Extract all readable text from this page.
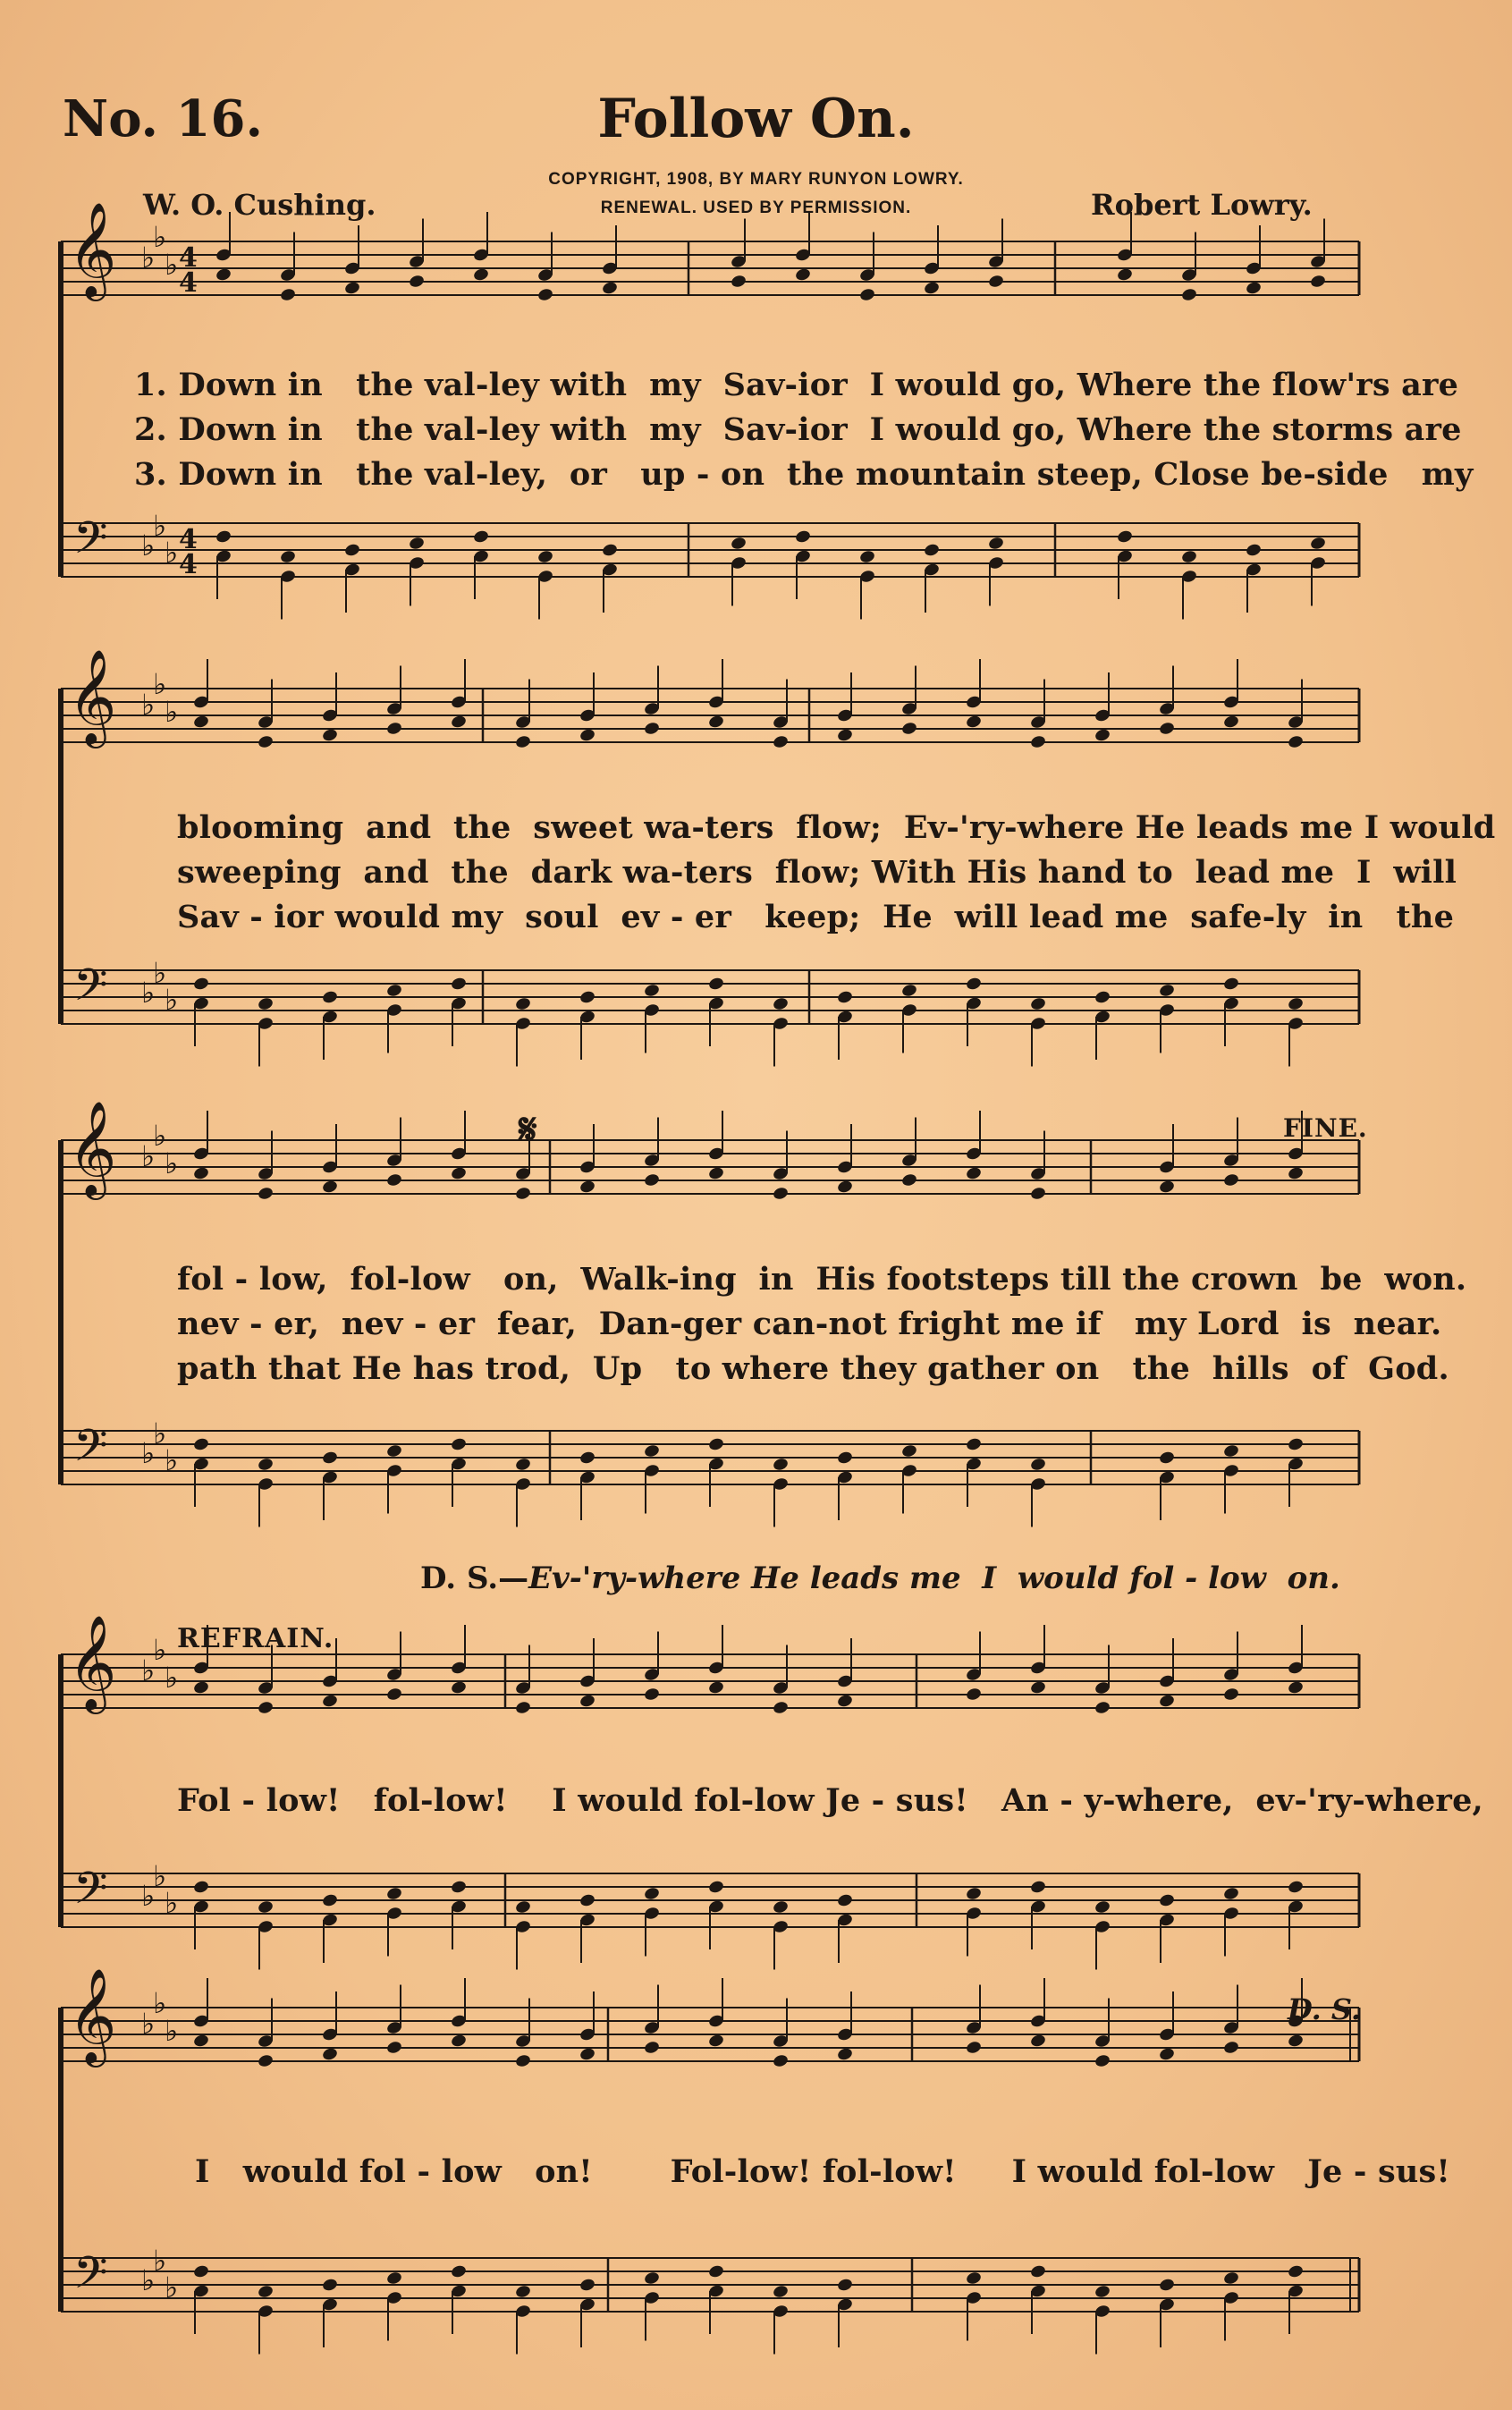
No. 16.	Follow On.
COPYRIGHT, 1908, BY MARY RUNYON LOWRY.
RENEWAL. USED BY PERMISSION.
W. O. Cushing.	Robert Lowry.
𝄞
𝄢
♭
♭
♭
♭
♭
♭
4
4
4
4
𝄞
𝄢
♭
♭
♭
♭
♭
♭
𝄞
𝄢
♭
♭
♭
♭
♭
♭
𝄞
𝄢
♭
♭
♭
♭
♭
♭
𝄞
𝄢
♭
♭
♭
♭
♭
♭
1. Down in   the val-ley with  my  Sav-ior  I would go, Where the flow'rs are
2. Down in   the val-ley with  my  Sav-ior  I would go, Where the storms are
3. Down in   the val-ley,  or   up - on  the mountain steep, Close be-side   my
blooming  and  the  sweet wa-ters  flow;  Ev-'ry-where He leads me I would
sweeping  and  the  dark wa-ters  flow; With His hand to  lead me  I  will
Sav - ior would my  soul  ev - er   keep;  He  will lead me  safe-ly  in   the
𝄋	FINE.
fol - low,  fol-low   on,  Walk-ing  in  His footsteps till the crown  be  won.
nev - er,  nev - er  fear,  Dan-ger can-not fright me if   my Lord  is  near.
path that He has trod,  Up   to where they gather on   the  hills  of  God.
D. S.—Ev-'ry-where He leads me  I  would fol - low  on.
REFRAIN.
Fol - low!   fol-low!    I would fol-low Je - sus!   An - y-where,  ev-'ry-where,
D. S.
I   would fol - low   on!       Fol-low! fol-low!     I would fol-low   Je - sus!
